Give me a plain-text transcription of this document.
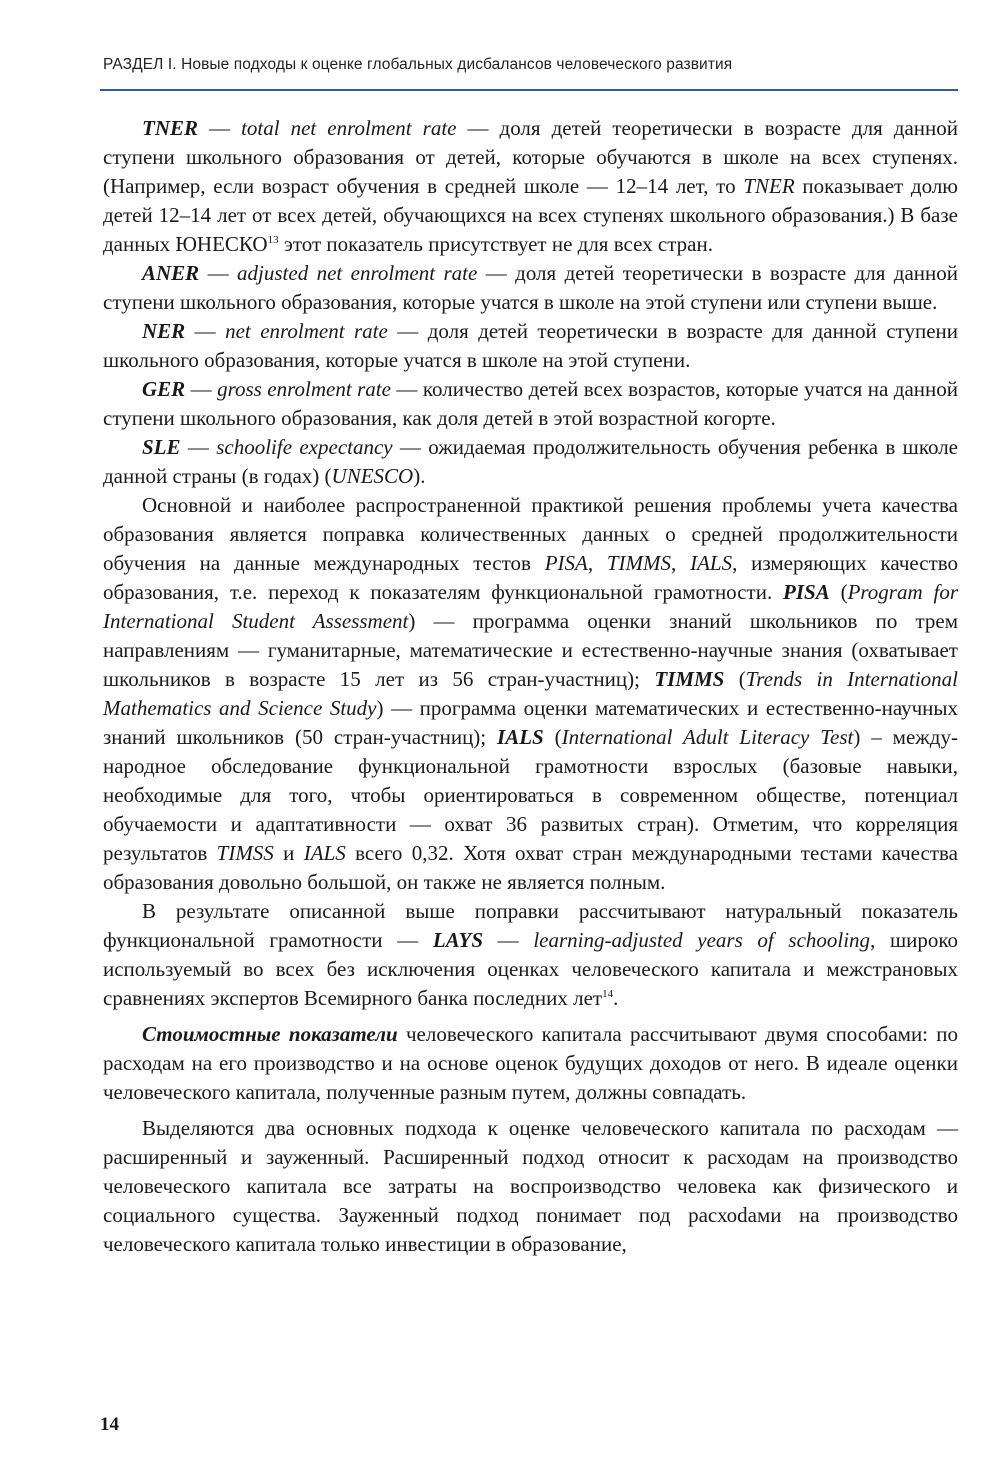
РАЗДЕЛ I. Новые подходы к оценке глобальных дисбалансов человеческого развития

TNER — total net enrolment rate — доля детей теоретически в возрасте для данной ступени школьного образования от детей, которые обучаются в школе на всех ступенях. (Например, если возраст обучения в средней школе — 12–14 лет, то TNER показывает долю детей 12–14 лет от всех детей, обучающихся на всех ступенях школьного образования.) В базе данных ЮНЕСКО$^{13}$ этот показатель присутствует не для всех стран.

ANER — adjusted net enrolment rate — доля детей теоретически в возрасте для данной ступени школьного образования, которые учатся в школе на этой ступени или ступени выше.

NER — net enrolment rate — доля детей теоретически в возрасте для данной ступени школьного образования, которые учатся в школе на этой ступени.

GER — gross enrolment rate — количество детей всех возрастов, которые учатся на данной ступени школьного образования, как доля детей в этой возрастной когорте.

SLE — schoolife expectancy — ожидаемая продолжительность обучения ребенка в школе данной страны (в годах) (UNESCO).

Основной и наиболее распространенной практикой решения проблемы учета качества образования является поправка количественных данных о средней продолжительности обучения на данные международных тестов PISA, TIMMS, IALS, измеряющих качество образования, т.е. переход к показателям функциональной грамотности. PISA (Program for International Student Assessment) — программа оценки знаний школьников по трем направлениям — гуманитарные, математические и естественно-научные знания (охватывает школьников в возрасте 15 лет из 56 стран-участниц); TIMMS (Trends in International Mathematics and Science Study) — программа оценки математических и естественно-научных знаний школьников (50 стран-участниц); IALS (International Adult Literacy Test) – международное обследование функциональной грамотности взрослых (базовые навыки, необходимые для того, чтобы ориентироваться в современном обществе, потенциал обучаемости и адаптативности — охват 36 развитых стран). Отметим, что корреляция результатов TIMSS и IALS всего 0,32. Хотя охват стран международными тестами качества образования довольно большой, он также не является полным.

В результате описанной выше поправки рассчитывают натуральный показатель функциональной грамотности — LAYS — learning-adjusted years of schooling, широко используемый во всех без исключения оценках человеческого капитала и межстрановых сравнениях экспертов Всемирного банка последних лет$^{14}$.

Стоимостные показатели человеческого капитала рассчитывают двумя способами: по расходам на его производство и на основе оценок будущих доходов от него. В идеале оценки человеческого капитала, полученные разным путем, должны совпадать.

Выделяются два основных подхода к оценке человеческого капитала по расходам — расширенный и зауженный. Расширенный подход относит к расходам на производство человеческого капитала все затраты на воспроизводство человека как физического и социального существа. Зауженный подход понимает под расхоdами на производство человеческого капитала только инвестиции в образование,

14
